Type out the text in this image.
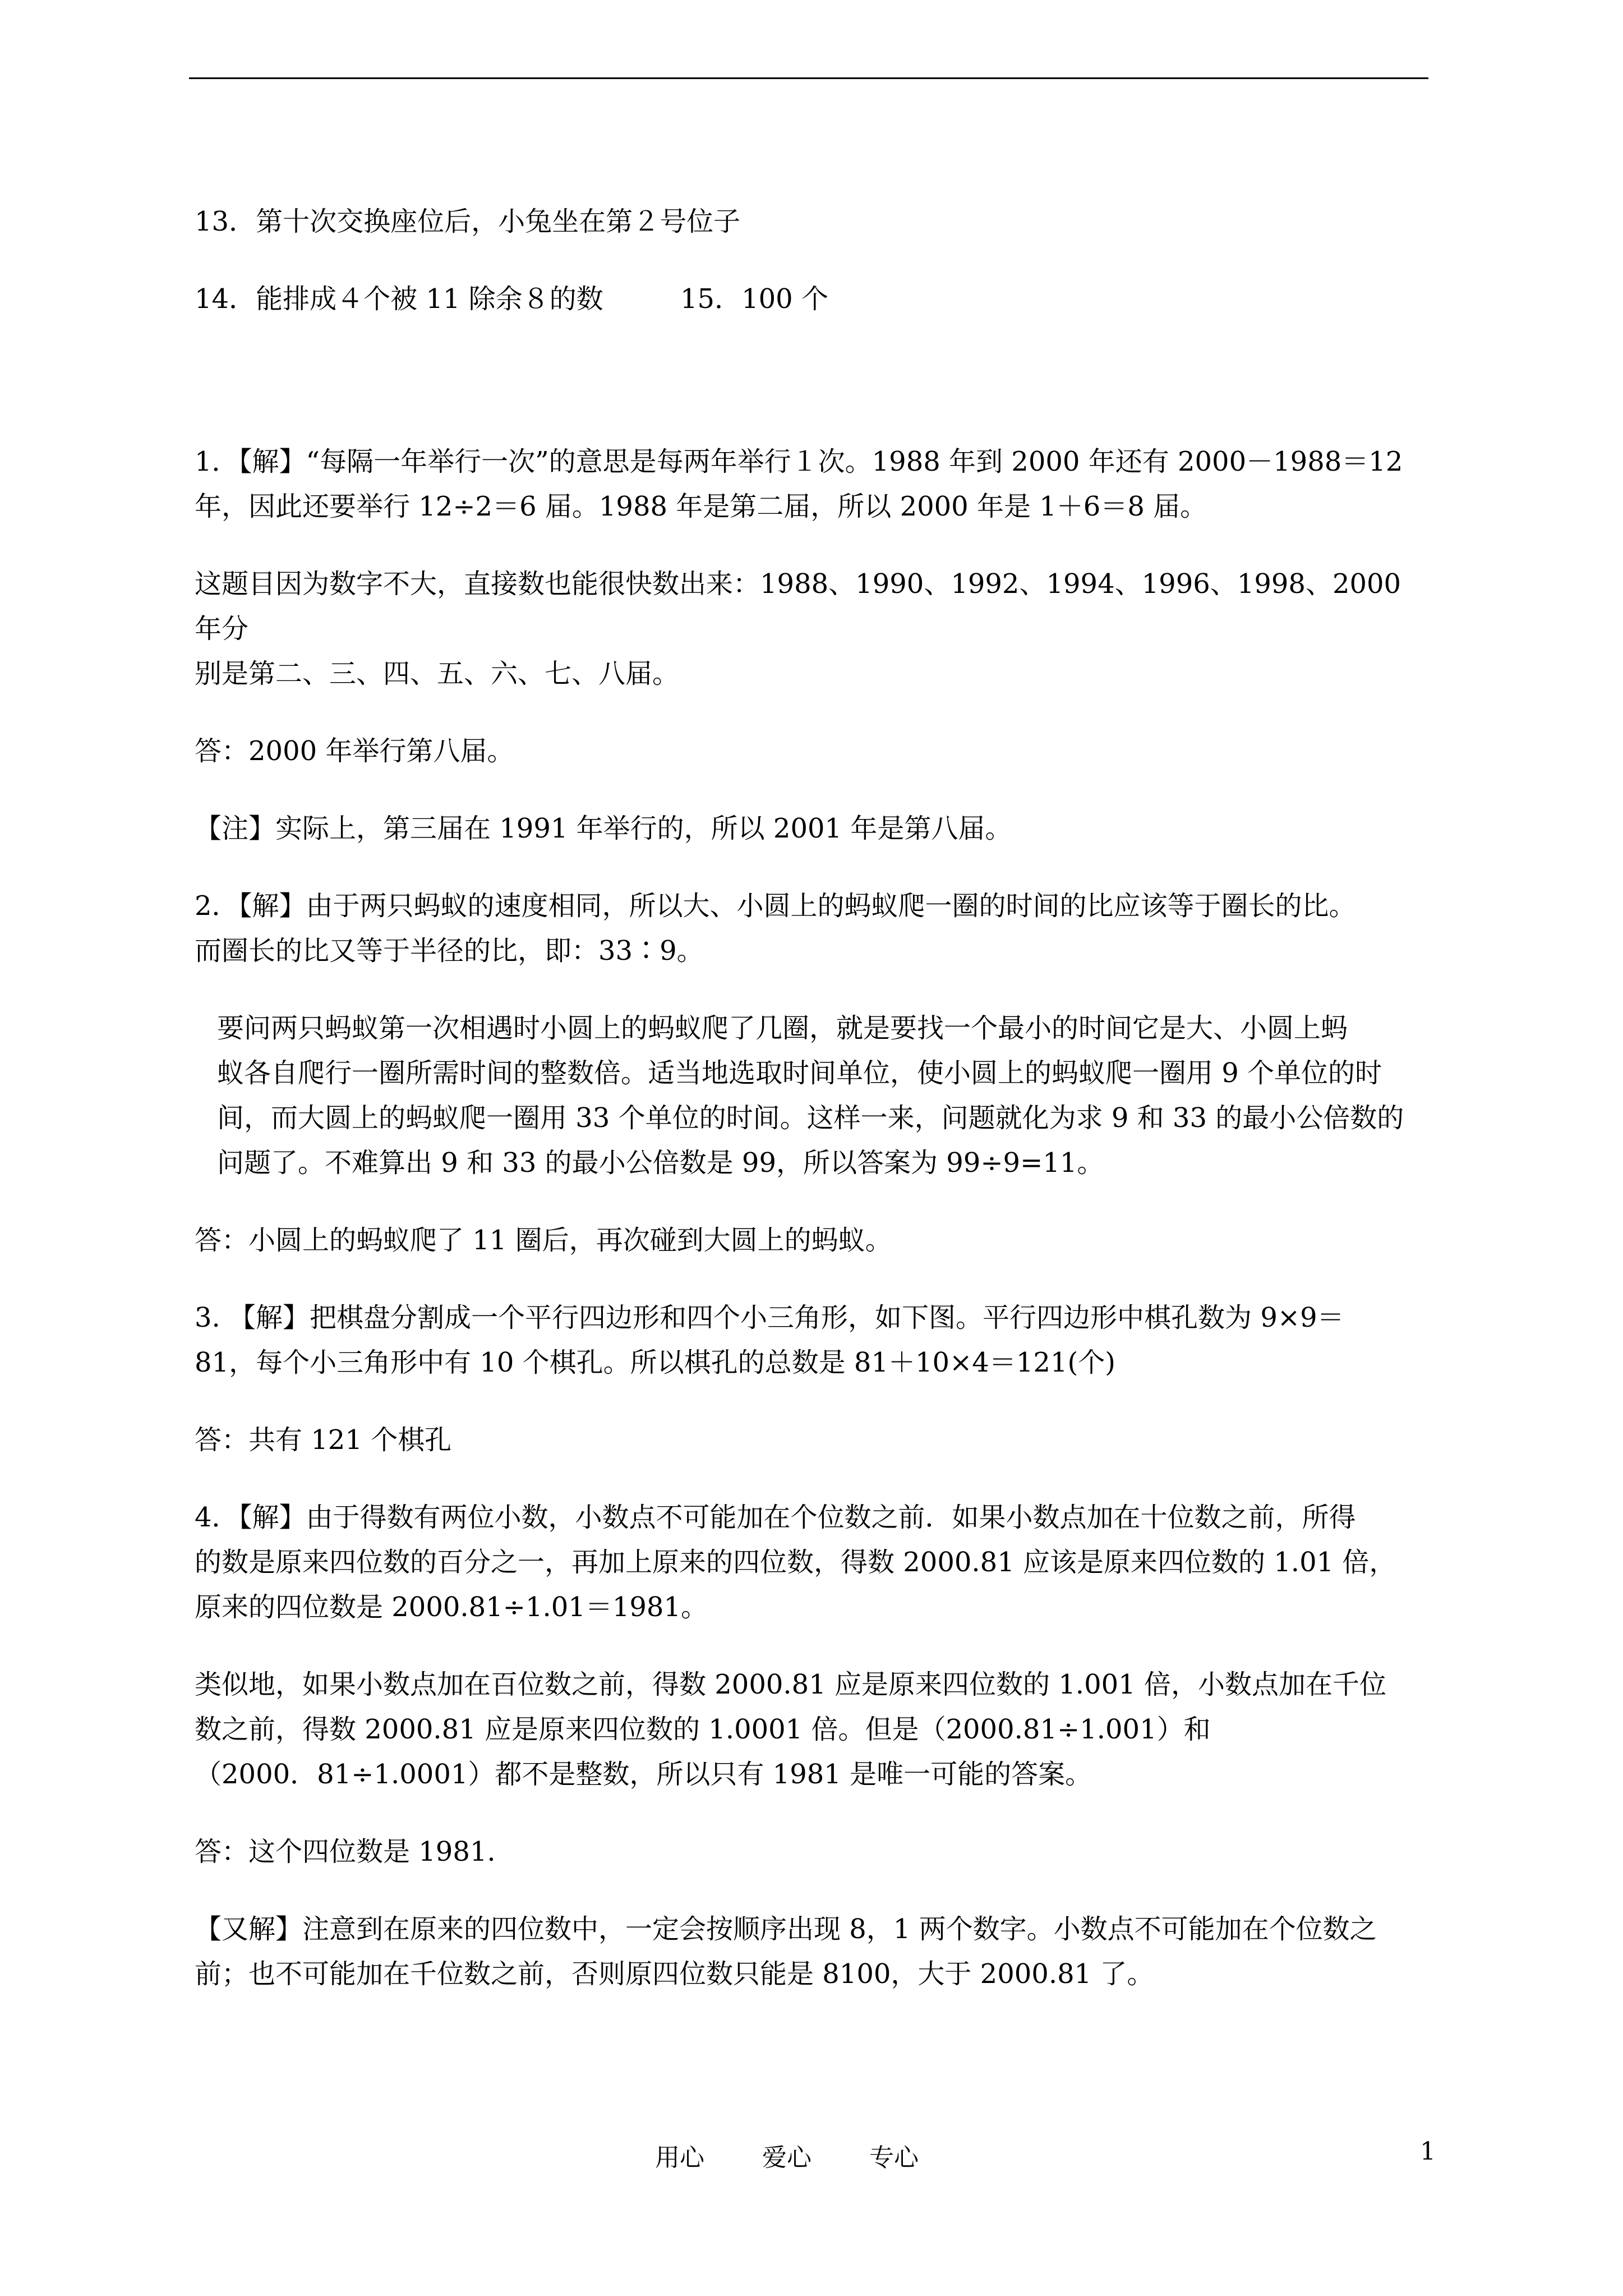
13．第十次交换座位后，小兔坐在第２号位子

14．能排成４个被 11 除余８的数         15．100 个

1．【解】“每隔一年举行一次”的意思是每两年举行１次。1988 年到 2000 年还有 2000－1988＝12

年，因此还要举行 12÷2＝6 届。1988 年是第二届，所以 2000 年是 1＋6＝8 届。

这题目因为数字不大，直接数也能很快数出来：1988、1990、1992、1994、1996、1998、2000 年分

别是第二、三、四、五、六、七、八届。

答：2000 年举行第八届。

【注】实际上，第三届在 1991 年举行的，所以 2001 年是第八届。

2．【解】由于两只蚂蚁的速度相同，所以大、小圆上的蚂蚁爬一圈的时间的比应该等于圈长的比。

而圈长的比又等于半径的比，即：33∶9。

要问两只蚂蚁第一次相遇时小圆上的蚂蚁爬了几圈，就是要找一个最小的时间它是大、小圆上蚂

蚁各自爬行一圈所需时间的整数倍。适当地选取时间单位，使小圆上的蚂蚁爬一圈用 9 个单位的时

间，而大圆上的蚂蚁爬一圈用 33 个单位的时间。这样一来，问题就化为求 9 和 33 的最小公倍数的

问题了。不难算出 9 和 33 的最小公倍数是 99，所以答案为 99÷9=11。

答：小圆上的蚂蚁爬了 11 圈后，再次碰到大圆上的蚂蚁。

3. 【解】把棋盘分割成一个平行四边形和四个小三角形，如下图。平行四边形中棋孔数为 9×9＝

81，每个小三角形中有 10 个棋孔。所以棋孔的总数是 81＋10×4＝121(个)

答：共有 121 个棋孔

4．【解】由于得数有两位小数，小数点不可能加在个位数之前．如果小数点加在十位数之前，所得

的数是原来四位数的百分之一，再加上原来的四位数，得数 2000.81 应该是原来四位数的 1.01 倍，

原来的四位数是 2000.81÷1.01＝1981。

类似地，如果小数点加在百位数之前，得数 2000.81 应是原来四位数的 1.001 倍，小数点加在千位

数之前，得数 2000.81 应是原来四位数的 1.0001 倍。但是（2000.81÷1.001）和

（2000．81÷1.0001）都不是整数，所以只有 1981 是唯一可能的答案。

答：这个四位数是 1981.

【又解】注意到在原来的四位数中，一定会按顺序出现 8，1 两个数字。小数点不可能加在个位数之

前；也不可能加在千位数之前，否则原四位数只能是 8100，大于 2000.81 了。

用心 爱心 专心	1
